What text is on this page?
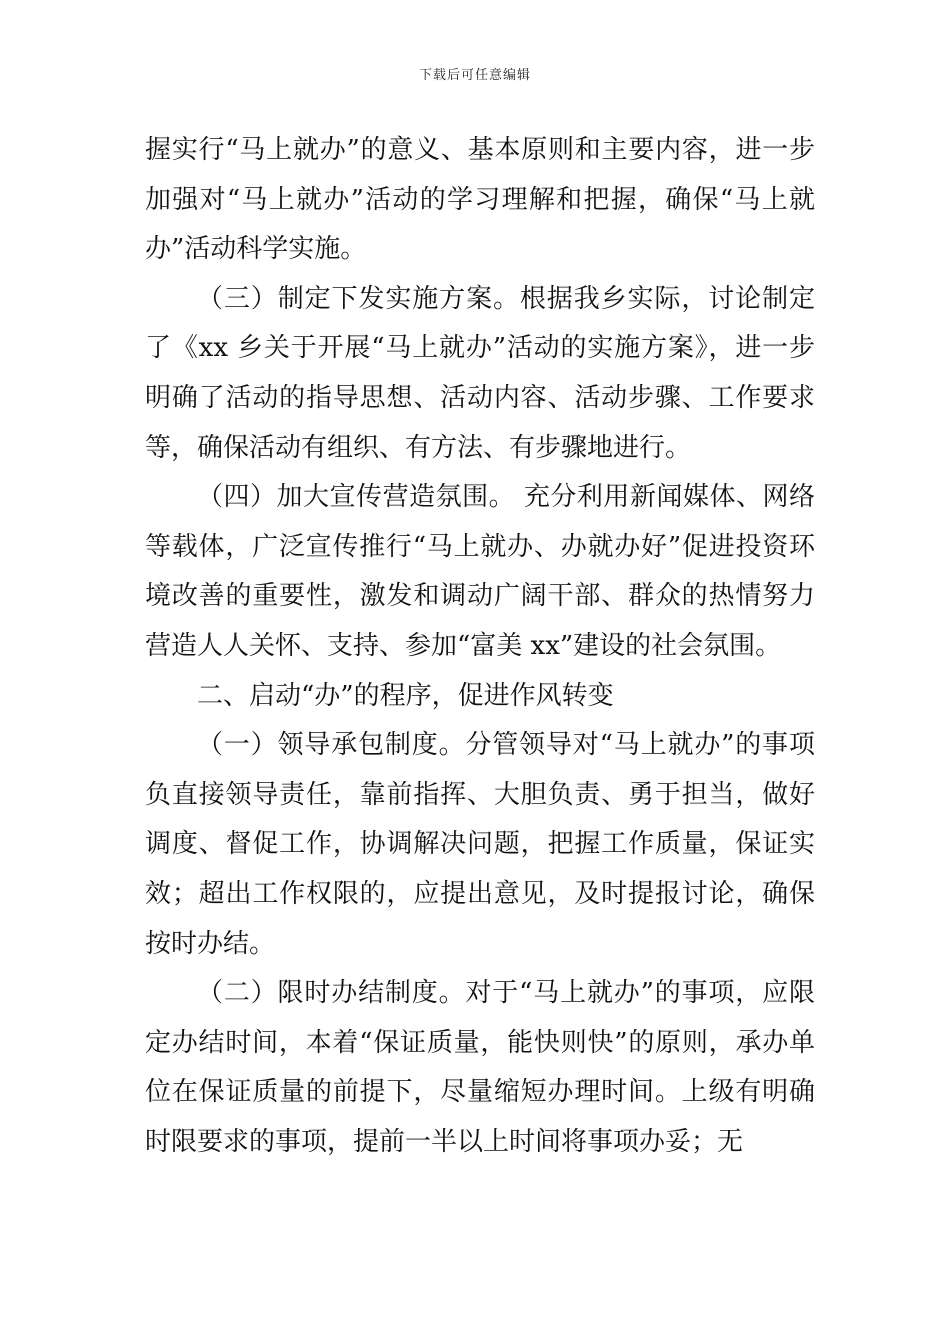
下载后可任意编辑

握实行“马上就办”的意义、基本原则和主要内容，进一步加强对“马上就办”活动的学习理解和把握，确保“马上就办”活动科学实施。

（三）制定下发实施方案。根据我乡实际，讨论制定了《xx 乡关于开展“马上就办”活动的实施方案》，进一步明确了活动的指导思想、活动内容、活动步骤、工作要求等，确保活动有组织、有方法、有步骤地进行。

（四）加大宣传营造氛围。 充分利用新闻媒体、网络等载体，广泛宣传推行“马上就办、办就办好”促进投资环境改善的重要性，激发和调动广阔干部、群众的热情努力营造人人关怀、支持、参加“富美 xx”建设的社会氛围。

二、启动“办”的程序，促进作风转变

（一）领导承包制度。分管领导对“马上就办”的事项负直接领导责任，靠前指挥、大胆负责、勇于担当，做好调度、督促工作，协调解决问题，把握工作质量，保证实效；超出工作权限的，应提出意见，及时提报讨论，确保按时办结。

（二）限时办结制度。对于“马上就办”的事项，应限定办结时间，本着“保证质量，能快则快”的原则，承办单位在保证质量的前提下，尽量缩短办理时间。上级有明确时限要求的事项，提前一半以上时间将事项办妥；无
